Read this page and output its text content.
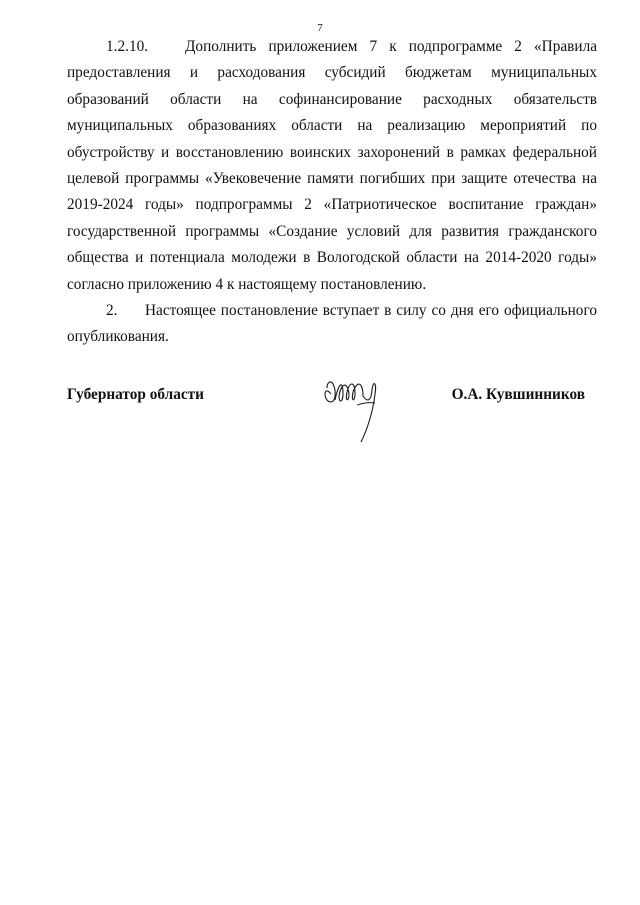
7

1.2.10. Дополнить приложением 7 к подпрограмме 2 «Правила предоставления и расходования субсидий бюджетам муниципальных образований области на софинансирование расходных обязательств муниципальных образованиях области на реализацию мероприятий по обустройству и восстановлению воинских захоронений в рамках федеральной целевой программы «Увековечение памяти погибших при защите отечества на 2019-2024 годы» подпрограммы 2 «Патриотическое воспитание граждан» государственной программы «Создание условий для развития гражданского общества и потенциала молодежи в Вологодской области на 2014-2020 годы» согласно приложению 4 к настоящему постановлению.

2. Настоящее постановление вступает в силу со дня его официального опубликования.

Губернатор области	О.А. Кувшинников
